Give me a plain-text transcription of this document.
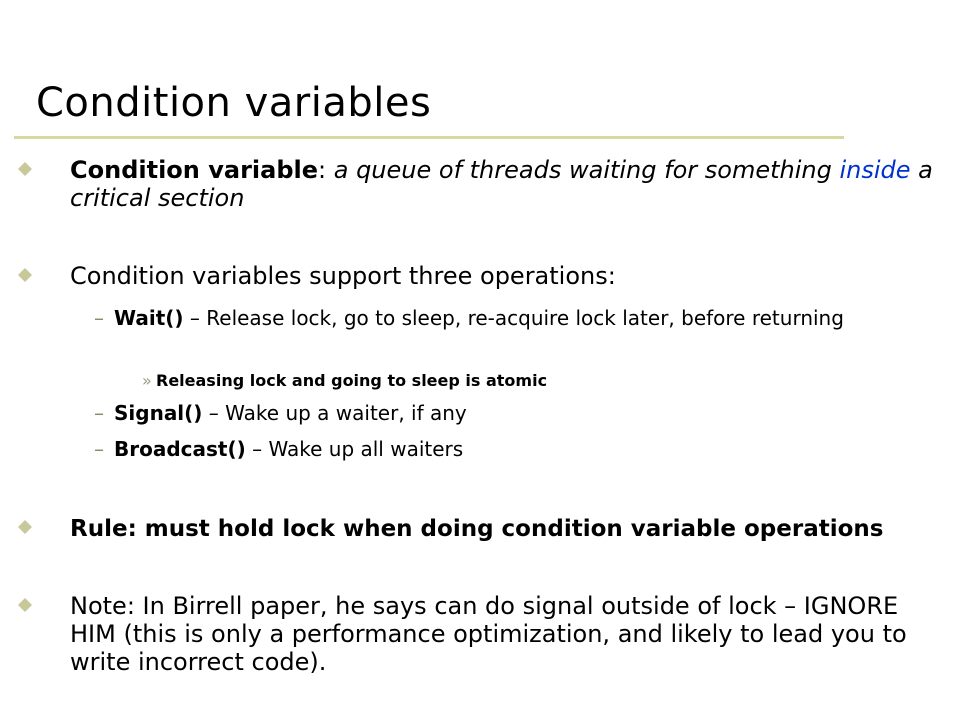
Condition variables
Condition variable: a queue of threads waiting for something inside a critical section
Condition variables support three operations:
– Wait() – Release lock, go to sleep, re-acquire lock later, before returning
» Releasing lock and going to sleep is atomic
– Signal() – Wake up a waiter, if any
– Broadcast() – Wake up all waiters
Rule: must hold lock when doing condition variable operations
Note: In Birrell paper, he says can do signal outside of lock – IGNORE HIM (this is only a performance optimization, and likely to lead you to write incorrect code).
